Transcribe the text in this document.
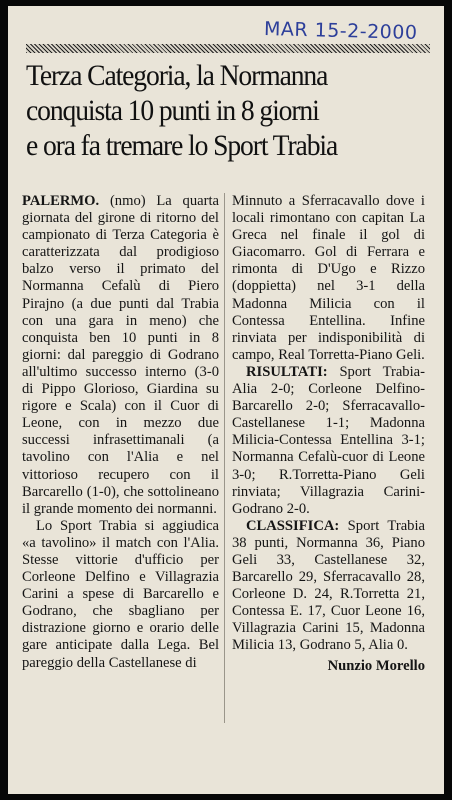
MAR 15-2-2000
Terza Categoria, la Normanna
conquista 10 punti in 8 giorni
e ora fa tremare lo Sport Trabia

PALERMO. (nmo) La quarta giornata del girone di ritorno del campionato di Terza Categoria è caratterizzata dal prodigioso balzo verso il primato del Normanna Cefalù di Piero Pirajno (a due punti dal Trabia con una gara in meno) che conquista ben 10 punti in 8 giorni: dal pareggio di Godrano all'ultimo successo interno (3-0 di Pippo Glorioso, Giardina su rigore e Scala) con il Cuor di Leone, con in mezzo due successi infrasettimanali (a tavolino con l'Alia e nel vittorioso recupero con il Barcarello (1-0), che sottolineano il grande momento dei normanni.

Lo Sport Trabia si aggiudica «a tavolino» il match con l'Alia. Stesse vittorie d'ufficio per Corleone Delfino e Villagrazia Carini a spese di Barcarello e Godrano, che sbagliano per distrazione giorno e orario delle gare anticipate dalla Lega. Bel pareggio della Castellanese di

Minnuto a Sferracavallo dove i locali rimontano con capitan La Greca nel finale il gol di Giacomarro. Gol di Ferrara e rimonta di D'Ugo e Rizzo (doppietta) nel 3-1 della Madonna Milicia con il Contessa Entellina. Infine rinviata per indisponibilità di campo, Real Torretta-Piano Geli.

RISULTATI: Sport Trabia-Alia 2-0; Corleone Delfino-Barcarello 2-0; Sferracavallo-Castellanese 1-1; Madonna Milicia-Contessa Entellina 3-1; Normanna Cefalù-cuor di Leone 3-0; R.Torretta-Piano Geli rinviata; Villagrazia Carini-Godrano 2-0.

CLASSIFICA: Sport Trabia 38 punti, Normanna 36, Piano Geli 33, Castellanese 32, Barcarello 29, Sferracavallo 28, Corleone D. 24, R.Torretta 21, Contessa E. 17, Cuor Leone 16, Villagrazia Carini 15, Madonna Milicia 13, Godrano 5, Alia 0.

Nunzio Morello
